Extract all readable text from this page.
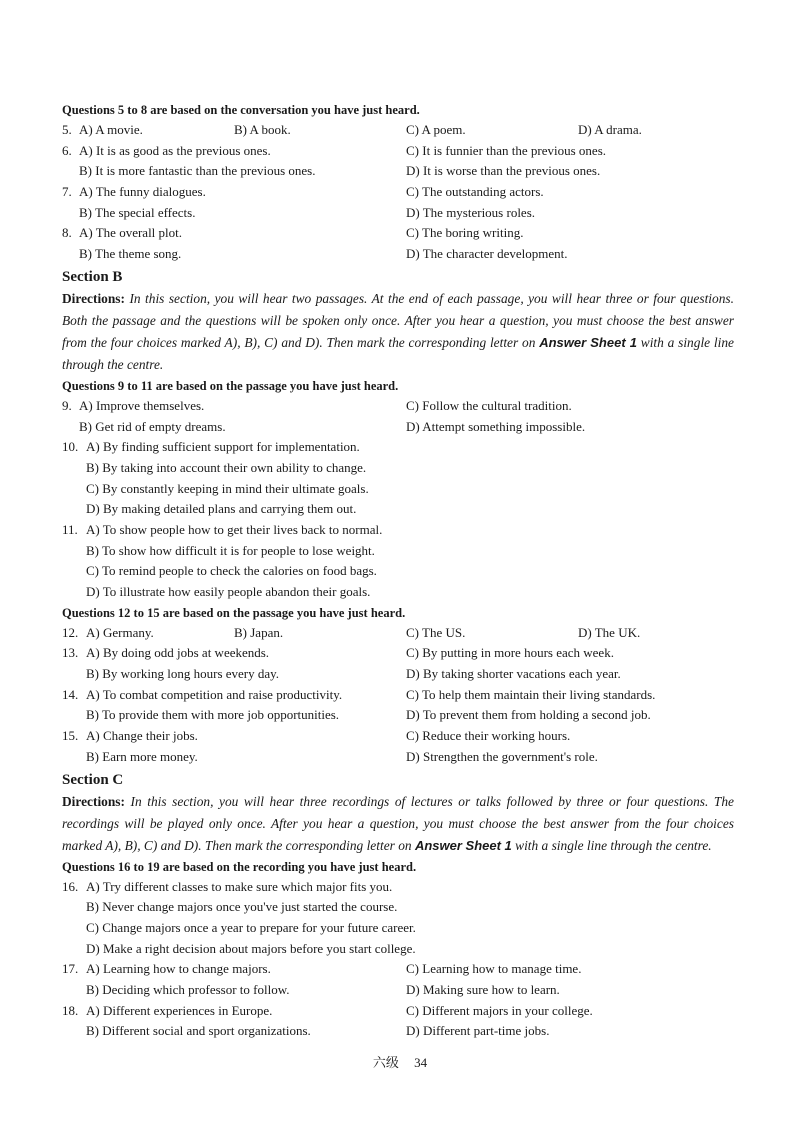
Questions 5 to 8 are based on the conversation you have just heard.
5. A) A movie.	B) A book.	C) A poem.	D) A drama.
6. A) It is as good as the previous ones.	C) It is funnier than the previous ones.
B) It is more fantastic than the previous ones.	D) It is worse than the previous ones.
7. A) The funny dialogues.	C) The outstanding actors.
B) The special effects.	D) The mysterious roles.
8. A) The overall plot.	C) The boring writing.
B) The theme song.	D) The character development.
Section B
Directions: In this section, you will hear two passages. At the end of each passage, you will hear three or four questions. Both the passage and the questions will be spoken only once. After you hear a question, you must choose the best answer from the four choices marked A), B), C) and D). Then mark the corresponding letter on Answer Sheet 1 with a single line through the centre.
Questions 9 to 11 are based on the passage you have just heard.
9. A) Improve themselves.	C) Follow the cultural tradition.
B) Get rid of empty dreams.	D) Attempt something impossible.
10. A) By finding sufficient support for implementation.
B) By taking into account their own ability to change.
C) By constantly keeping in mind their ultimate goals.
D) By making detailed plans and carrying them out.
11. A) To show people how to get their lives back to normal.
B) To show how difficult it is for people to lose weight.
C) To remind people to check the calories on food bags.
D) To illustrate how easily people abandon their goals.
Questions 12 to 15 are based on the passage you have just heard.
12. A) Germany.	B) Japan.	C) The US.	D) The UK.
13. A) By doing odd jobs at weekends.	C) By putting in more hours each week.
B) By working long hours every day.	D) By taking shorter vacations each year.
14. A) To combat competition and raise productivity.	C) To help them maintain their living standards.
B) To provide them with more job opportunities.	D) To prevent them from holding a second job.
15. A) Change their jobs.	C) Reduce their working hours.
B) Earn more money.	D) Strengthen the government's role.
Section C
Directions: In this section, you will hear three recordings of lectures or talks followed by three or four questions. The recordings will be played only once. After you hear a question, you must choose the best answer from the four choices marked A), B), C) and D). Then mark the corresponding letter on Answer Sheet 1 with a single line through the centre.
Questions 16 to 19 are based on the recording you have just heard.
16. A) Try different classes to make sure which major fits you.
B) Never change majors once you've just started the course.
C) Change majors once a year to prepare for your future career.
D) Make a right decision about majors before you start college.
17. A) Learning how to change majors.	C) Learning how to manage time.
B) Deciding which professor to follow.	D) Making sure how to learn.
18. A) Different experiences in Europe.	C) Different majors in your college.
B) Different social and sport organizations.	D) Different part-time jobs.
六级 34
